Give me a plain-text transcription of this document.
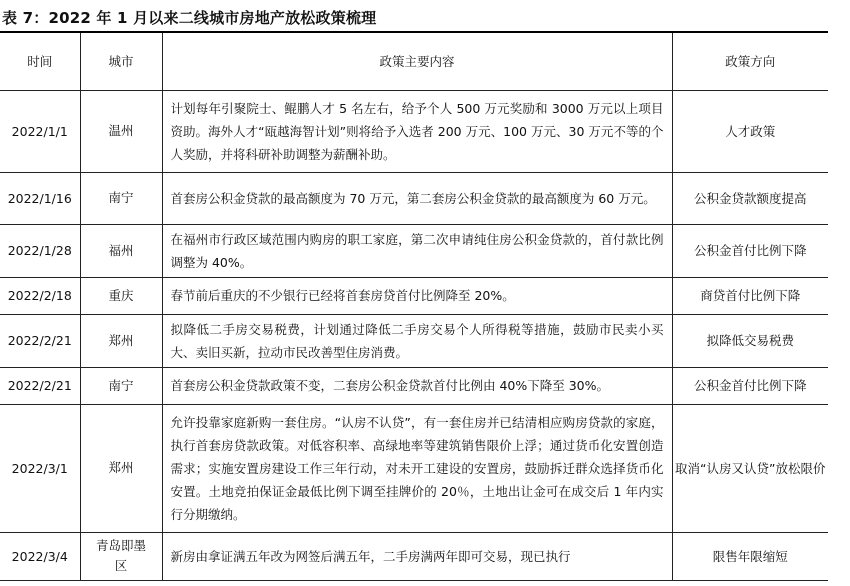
表 7：2022 年 1 月以来二线城市房地产放松政策梳理
时间	城市	政策主要内容	政策方向
2022/1/1	温州	计划每年引聚院士、鲲鹏人才 5 名左右，给予个人 500 万元奖励和 3000 万元以上项目资助。海外人才“瓯越海智计划”则将给予入选者 200 万元、100 万元、30 万元不等的个人奖励，并将科研补助调整为薪酬补助。	人才政策
2022/1/16	南宁	首套房公积金贷款的最高额度为 70 万元，第二套房公积金贷款的最高额度为 60 万元。	公积金贷款额度提高
2022/1/28	福州	在福州市行政区域范围内购房的职工家庭，第二次申请纯住房公积金贷款的，首付款比例调整为 40%。	公积金首付比例下降
2022/2/18	重庆	春节前后重庆的不少银行已经将首套房贷首付比例降至 20%。	商贷首付比例下降
2022/2/21	郑州	拟降低二手房交易税费，计划通过降低二手房交易个人所得税等措施，鼓励市民卖小买大、卖旧买新，拉动市民改善型住房消费。	拟降低交易税费
2022/2/21	南宁	首套房公积金贷款政策不变，二套房公积金贷款首付比例由 40%下降至 30%。	公积金首付比例下降
2022/3/1	郑州	允许投靠家庭新购一套住房。“认房不认贷”，有一套住房并已结清相应购房贷款的家庭，执行首套房贷款政策。对低容积率、高绿地率等建筑销售限价上浮；通过货币化安置创造需求；实施安置房建设工作三年行动，对未开工建设的安置房，鼓励拆迁群众选择货币化安置。土地竞拍保证金最低比例下调至挂牌价的 20％，土地出让金可在成交后 1 年内实行分期缴纳。	取消“认房又认贷”放松限价
2022/3/4	青岛即墨区	新房由拿证满五年改为网签后满五年，二手房满两年即可交易，现已执行	限售年限缩短
